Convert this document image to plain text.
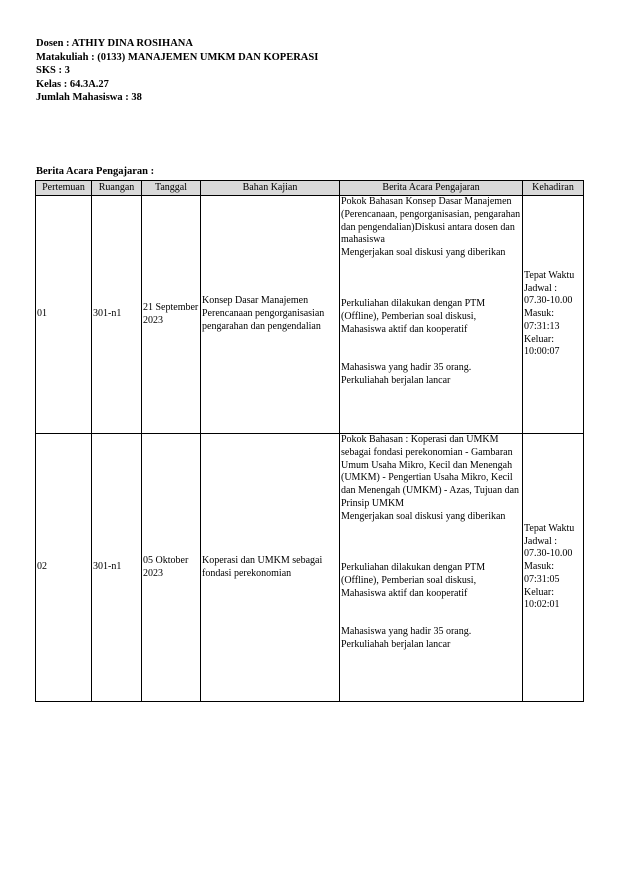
Dosen : ATHIY DINA ROSIHANA
Matakuliah : (0133) MANAJEMEN UMKM DAN KOPERASI
SKS : 3
Kelas : 64.3A.27
Jumlah Mahasiswa : 38
Berita Acara Pengajaran :
Pertemuan	Ruangan	Tanggal	Bahan Kajian	Berita Acara Pengajaran	Kehadiran
01	301-n1	21 September 2023	Konsep Dasar Manajemen Perencanaan pengorganisasian pengarahan dan pengendalian	Pokok Bahasan Konsep Dasar Manajemen (Perencanaan, pengorganisasian, pengarahan dan pengendalian)Diskusi antara dosen dan mahasiswa
Mengerjakan soal diskusi yang diberikan
Perkuliahan dilakukan dengan PTM (Offline), Pemberian soal diskusi, Mahasiswa aktif dan kooperatif
Mahasiswa yang hadir 35 orang. Perkuliahah berjalan lancar	Tepat Waktu Jadwal : 07.30-10.00 Masuk: 07:31:13 Keluar: 10:00:07
02	301-n1	05 Oktober 2023	Koperasi dan UMKM sebagai fondasi perekonomian	Pokok Bahasan : Koperasi dan UMKM sebagai fondasi perekonomian - Gambaran Umum Usaha Mikro, Kecil dan Menengah (UMKM) - Pengertian Usaha Mikro, Kecil dan Menengah (UMKM) - Azas, Tujuan dan Prinsip UMKM
Mengerjakan soal diskusi yang diberikan
Perkuliahan dilakukan dengan PTM (Offline), Pemberian soal diskusi, Mahasiswa aktif dan kooperatif
Mahasiswa yang hadir 35 orang. Perkuliahah berjalan lancar	Tepat Waktu Jadwal : 07.30-10.00 Masuk: 07:31:05 Keluar: 10:02:01
